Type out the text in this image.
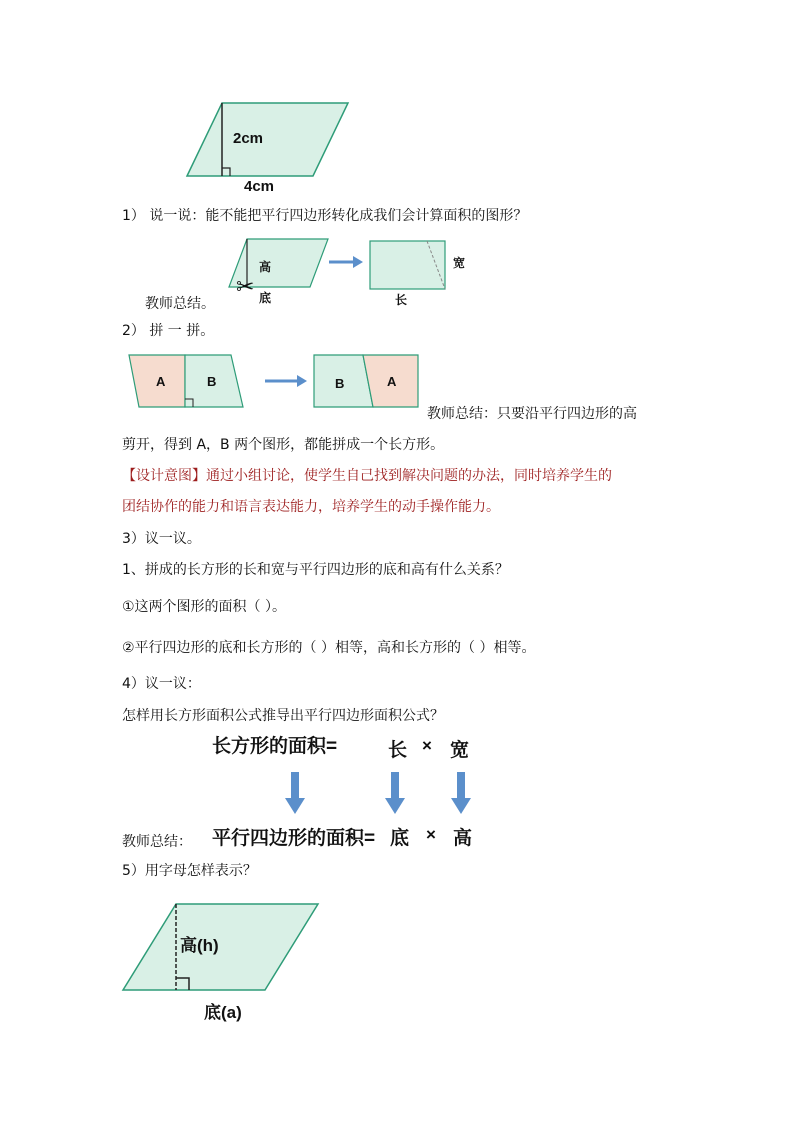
2cm
4cm
1） 说一说：能不能把平行四边形转化成我们会计算面积的图形？
✂
高
底
宽
长
教师总结。
2） 拼 一 拼。
A	B	B	A
教师总结：只要沿平行四边形的高
剪开，得到 A，B 两个图形，都能拼成一个长方形。
【设计意图】通过小组讨论，使学生自己找到解决问题的办法，同时培养学生的
团结协作的能力和语言表达能力，培养学生的动手操作能力。
3）议一议。
1、拼成的长方形的长和宽与平行四边形的底和高有什么关系？
①这两个图形的面积（ ）。
②平行四边形的底和长方形的（ ）相等，高和长方形的（ ）相等。
4）议一议：
怎样用长方形面积公式推导出平行四边形面积公式？
长方形的面积=	长 × 宽
教师总结： 平行四边形的面积= 底 × 高
5）用字母怎样表示？
高(h)
底(a)
